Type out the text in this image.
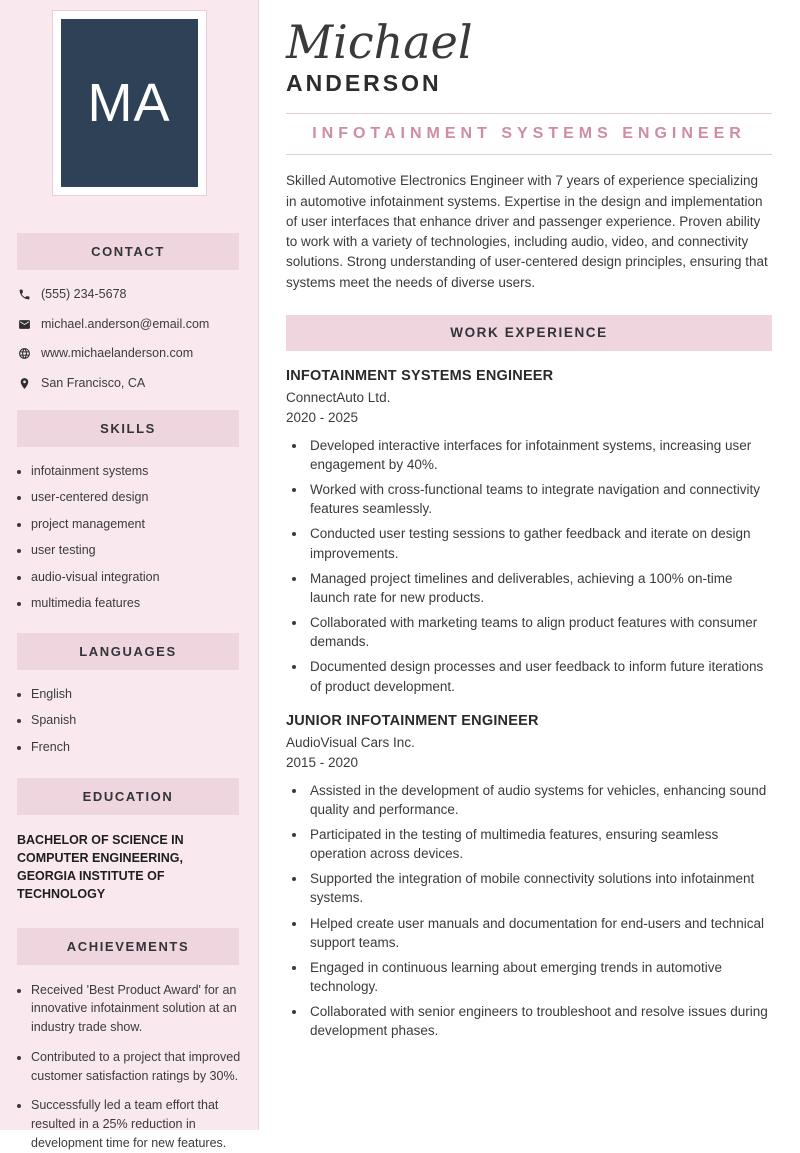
MA
CONTACT
(555) 234-5678
michael.anderson@email.com
www.michaelanderson.com
San Francisco, CA
SKILLS
• infotainment systems
• user-centered design
• project management
• user testing
• audio-visual integration
• multimedia features
LANGUAGES
• English
• Spanish
• French
EDUCATION

BACHELOR OF SCIENCE IN COMPUTER ENGINEERING, GEORGIA INSTITUTE OF TECHNOLOGY

ACHIEVEMENTS
• Received 'Best Product Award' for an innovative infotainment solution at an industry trade show.
• Contributed to a project that improved customer satisfaction ratings by 30%.
• Successfully led a team effort that resulted in a 25% reduction in development time for new features.
Michael
ANDERSON
INFOTAINMENT SYSTEMS ENGINEER

Skilled Automotive Electronics Engineer with 7 years of experience specializing in automotive infotainment systems. Expertise in the design and implementation of user interfaces that enhance driver and passenger experience. Proven ability to work with a variety of technologies, including audio, video, and connectivity solutions. Strong understanding of user-centered design principles, ensuring that systems meet the needs of diverse users.

WORK EXPERIENCE
INFOTAINMENT SYSTEMS ENGINEER
ConnectAuto Ltd.
2020 - 2025
• Developed interactive interfaces for infotainment systems, increasing user engagement by 40%.
• Worked with cross-functional teams to integrate navigation and connectivity features seamlessly.
• Conducted user testing sessions to gather feedback and iterate on design improvements.
• Managed project timelines and deliverables, achieving a 100% on-time launch rate for new products.
• Collaborated with marketing teams to align product features with consumer demands.
• Documented design processes and user feedback to inform future iterations of product development.
JUNIOR INFOTAINMENT ENGINEER
AudioVisual Cars Inc.
2015 - 2020
• Assisted in the development of audio systems for vehicles, enhancing sound quality and performance.
• Participated in the testing of multimedia features, ensuring seamless operation across devices.
• Supported the integration of mobile connectivity solutions into infotainment systems.
• Helped create user manuals and documentation for end-users and technical support teams.
• Engaged in continuous learning about emerging trends in automotive technology.
• Collaborated with senior engineers to troubleshoot and resolve issues during development phases.
